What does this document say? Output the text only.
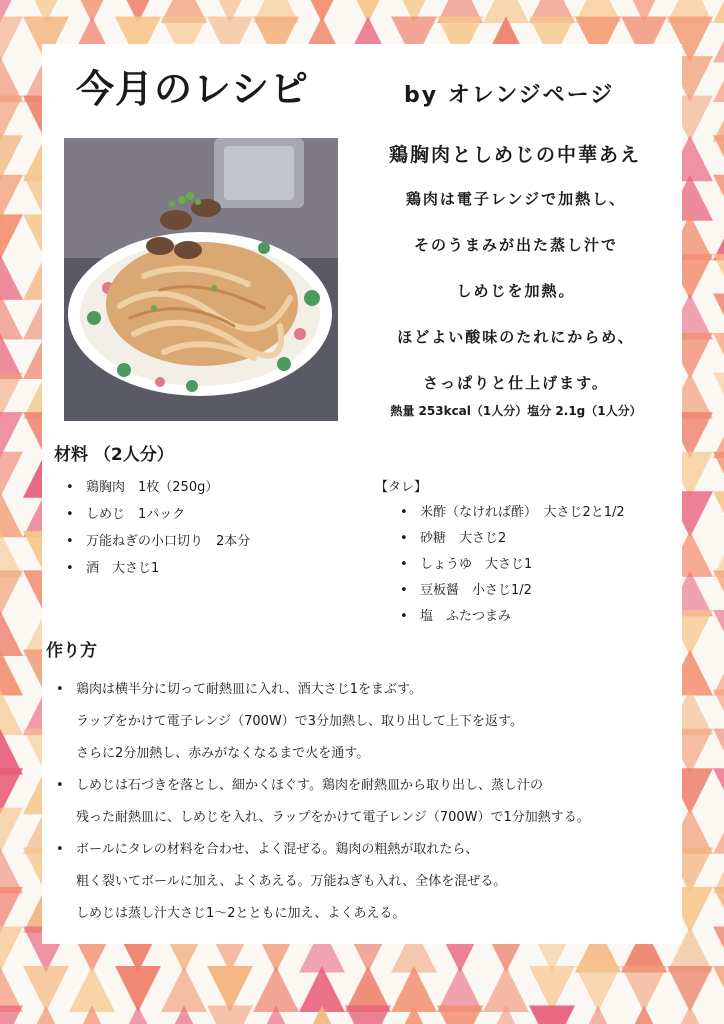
今月のレシピ	by オレンジページ
鶏胸肉としめじの中華あえ
鶏肉は電子レンジで加熱し、
そのうまみが出た蒸し汁で
しめじを加熱。
ほどよい酸味のたれにからめ、
さっぱりと仕上げます。
熱量 253kcal（1人分）塩分 2.1g（1人分）
材料 （2人分）
• 鶏胸肉　1枚（250g）
• しめじ　1パック
• 万能ねぎの小口切り　2本分
• 酒　大さじ1
【タレ】
• 米酢（なければ酢）　大さじ2と1/2
• 砂糖　大さじ2
• しょうゆ　大さじ1
• 豆板醤　小さじ1/2
• 塩　ふたつまみ
作り方
• 鶏肉は横半分に切って耐熱皿に入れ、酒大さじ1をまぶす。
ラップをかけて電子レンジ（700W）で3分加熱し、取り出して上下を返す。
さらに2分加熱し、赤みがなくなるまで火を通す。
• しめじは石づきを落とし、細かくほぐす。鶏肉を耐熱皿から取り出し、蒸し汁の
残った耐熱皿に、しめじを入れ、ラップをかけて電子レンジ（700W）で1分加熱する。
• ボールにタレの材料を合わせ、よく混ぜる。鶏肉の粗熱が取れたら、
粗く裂いてボールに加え、よくあえる。万能ねぎも入れ、全体を混ぜる。
しめじは蒸し汁大さじ1〜2とともに加え、よくあえる。
